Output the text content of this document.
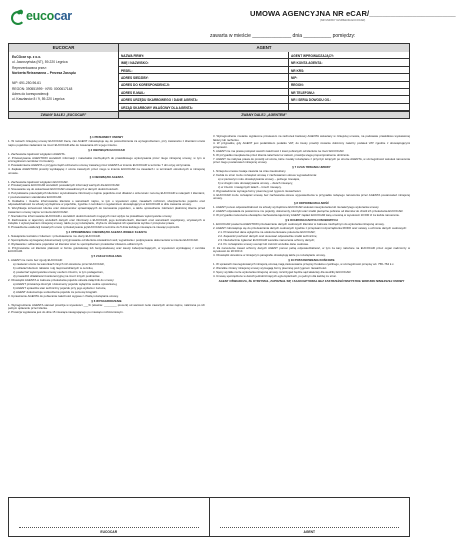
eucocar	UMOWA AGENCYJNA NR eCAR/____________________
(NR UMOWY UZUPEŁNIA EUCOCAR)
zawarta w mieście ______________ dnia __________ pomiędzy:
EUCOCAR	AGENT
EuCOcar sp. z o.o.
ul. Jaworzyńska (NT), 59-220 Legnica
Reprezentowana przez:
Norberta Reissmanna – Prezesa Zarządu

NIP: 691-250-96-61
REGON: 390551999 · KRS: 0000617148
Adres do korespondencji:
ul. Kasztanów 8 / 9, 59-220 Legnica
NAZWA FIRMY:	AGENT WPROWADZAJĄCY:
IMIĘ I NAZWISKO:	NR KONTA AGENTA:
PESEL:	NR KRS:
ADRES SIEDZIBY:	NIP:
ADRES DO KORESPONDENCJI:	REGON:
ADRES E-MAIL:	NR TELEFONU:
ADRES URZĘDU SKARBOWEGO / DANE AGENTA:	NR I SERIA DOWODU OS.:
URZĄD SKARBOWY WŁAŚCIWY DLA AGENTA:
ZWANY DALEJ „EUCOCAR"	ZWANY DALEJ „AGENTEM"
§ 1 PRZEDMIOT UMOWY
1. W ramach niniejszej umowy EUCOCAR zleca, zaś AGENT zobowiązuje się do pośredniczenia za wynagrodzeniem, przy zawieraniu z klientami umów najmu pojazdów zadaniami na rzecz EUCOCAR albo do zawierania ich w jego imieniu.
§ 2 OBOWIĄZKI EUCOCAR
1. Zachowanie lojalności względem AGENTA.
2. Przekazywanie AGENTOWI wszelkich informacji i materiałów niezbędnych do prawidłowego wykonywania przez niego niniejszej umowy, w tym w szczególności cenników i formularzy.
3. Powiadomienie AGENTA o przyjęciu bądź odrzuceniu umowy zawartej przez AGENTA w imieniu EUCOCAR w terminie 7 dni od jej otrzymania.
4. Zapłata AGENTOWI prowizji wynikającej z umów zawartych przez niego w imieniu EUCOCAR na zasadach i w terminach określonych w niniejszej umowie.
§ 3 OBOWIĄZKI AGENTA
1. Zachowanie lojalności względem EUCOCAR.
2. Przekazywanie EUCOCAR wszelkich posiadanych informacji ważnych dla EUCOCAR.
3. Stosowanie się do wskazówek EUCOCAR uzasadnionych w danych okolicznościach.
4. Pozyskiwanie potencjalnych klientów i wyszukiwanie informacji o najmie pojazdów oraz dbałość o wizerunek i renomę EUCOCAR w relacjach z klientami, z poszanowaniem standardów EUCOCAR.
5. Dokładne i rzetelne informowanie klientów o warunkach najmu, w tym o wysokości opłat, zasadach rozliczeń, ubezpieczeniu pojazdu oraz odpowiedzialności za szkody wyrządzone w pojeździe, zgodnie z cennikiem i regulaminem obowiązującym w EUCOCAR w dniu zawarcia umowy.
6. Weryfikacja tożsamości klienta oraz dokumentów uprawniających do kierowania pojazdem, a także sprawdzenie zdolności płatniczej klienta przed zawarciem umowy najmu w imieniu EUCOCAR.
7. Niezwłoczne informowanie EUCOCAR o wszelkich okolicznościach mogących mieć wpływ na prawidłowe wykonywanie umowy.
8. Zachowanie w tajemnicy wszelkich danych oraz informacji o EUCOCAR, jego kontrahentach, klientach oraz warunkach współpracy, uzyskanych w związku z wykonywaniem niniejszej umowy, także po jej rozwiązaniu, chyba że obowiązek ich ujawnienia wynika z przepisów prawa.
9. Prowadzenie ewidencji zawartych umów i przekazywanie jej EUCOCAR w terminie do 5 dnia każdego miesiąca za miesiąc poprzedni.
§ 4 UPRAWNIENIA I OBOWIĄZKI AGENTA WOBEC KLIENTA
1. Nawiązanie kontaktu z klientem i przedstawienie mu oferty EUCOCAR.
2. Sporządzanie wymaganej dokumentacji i przyjmowanie od klientów oświadczeń woli, wypełnianie i podpisywanie dokumentów w imieniu EUCOCAR.
3. Wydawanie i odbieranie pojazdów od klientów wraz ze sporządzeniem protokołów zdawczo-odbiorczych.
4. Przyjmowanie od klientów płatności w formie gotówkowej lub bezgotówkowej oraz kaucji zabezpieczających, w wysokości wynikającej z cennika EUCOCAR.
§ 5 ZAKAZ DZIAŁANIA
1. AGENT nie może bez zgody EUCOCAR:
a) zawierać umów na warunkach innych niż określone przez EUCOCAR,
b) udzielać klientom rabatów i ulg nieprzewidzianych w cenniku,
c) powierzać wykonywania umowy osobom trzecim, w tym podagentom,
d) prowadzić działalności konkurencyjnej na rzecz innych podmiotów.
2. Obowiązki AGENTA w zakresie przekazania pojazdu określa załącznik do umowy:
a) AGENT przekazuje kluczyki i dokumenty pojazdu wyłącznie osobie uprawnionej,
b) AGENT sprawdza stan techniczny pojazdu przy jego wydaniu i zwrocie,
c) AGENT dokumentuje uszkodzenia pojazdu za pomocą fotografii.
3. Uprawnienie AGENTA do pobierania należności wygasa z chwilą rozwiązania umowy.
§ 6 WYNAGRODZENIE
1. Wynagrodzenie AGENTA stanowi prowizja w wysokości ___% (słownie: ________ procent) od wartości netto zawartych umów najmu, naliczana po ich pełnym opłaceniu przez klienta.
2. Prowizja wypłacana jest do dnia 15 miesiąca następującego po miesiącu rozliczeniowym.
3. Wynagrodzenie zostanie wypłacone przelewem na rachunek bankowy AGENTA wskazany w niniejszej umowie, na podstawie prawidłowo wystawionej faktury lub rachunku.
4. W przypadku, gdy AGENT jest podatnikiem podatku VAT, do kwoty prowizji zostanie doliczony należny podatek VAT zgodnie z obowiązującymi przepisami.
5. AGENT nie ma prawa potrącać swoich należności z kwot pobranych od klientów na rzecz EUCOCAR.
6. W przypadku nieopłacenia przez klienta należności w całości, prowizja ulega proporcjonalnemu obniżeniu.
7. AGENT nie nabywa prawa do prowizji od umów, które zostały rozwiązane z przyczyn leżących po stronie AGENTA, w szczególności wskutek naruszenia przez niego postanowień niniejszej umowy.
§ 7 CZAS TRWANIA UMOWY
1. Niniejsza umowa zostaje zawarta na czas nieokreślony.
2. Każda ze stron może rozwiązać umowę z zachowaniem okresu wypowiedzenia:
a) w pierwszym roku obowiązywania umowy – jednego miesiąca,
b) w drugim roku obowiązywania umowy – dwóch miesięcy,
c) w trzecim i następnych latach – trzech miesięcy.
3. Wypowiedzenie wymaga formy pisemnej pod rygorem nieważności.
4. EUCOCAR może rozwiązać umowę bez zachowania okresu wypowiedzenia w przypadku rażącego naruszenia przez AGENTA postanowień niniejszej umowy.
§ 8 ODPOWIEDZIALNOŚĆ
1. AGENT ponosi odpowiedzialność za szkody wyrządzone EUCOCAR wskutek niewykonania lub nienależytego wykonania umowy.
2. AGENT odpowiada za powierzone mu pojazdy, dokumenty, kluczyki oraz środki pieniężne pobrane od klientów do chwili ich przekazania EUCOCAR.
3. W przypadku naruszenia obowiązku zachowania tajemnicy AGENT zapłaci EUCOCAR karę umowną w wysokości 10 000 zł za każde naruszenie.
§ 9 OCHRONA DANYCH OSOBOWYCH
1. EUCOCAR powierza AGENTOWI przetwarzanie danych osobowych klientów w zakresie niezbędnym do wykonania niniejszej umowy.
2. AGENT zobowiązuje się do przetwarzania danych osobowych zgodnie z przepisami rozporządzenia RODO oraz ustawy o ochronie danych osobowych:
2.1. Przetwarzać dane wyłącznie na udokumentowane polecenie EUCOCAR;
2.2. Zapewnić poufność danych oraz stosować odpowiednie środki techniczne;
2.3. Niezwłocznie zgłaszać EUCOCAR wszelkie naruszenia ochrony danych;
2.4. Po rozwiązaniu umowy usunąć lub zwrócić wszelkie dane osobowe.
3. Za naruszenie zasad ochrony danych AGENT ponosi pełną odpowiedzialność, w tym za kary nałożone na EUCOCAR przez organ nadzorczy w wysokości do 20 000 zł.
4. Obowiązki określone w niniejszym paragrafie obowiązują także po rozwiązaniu umowy.
§ 10 POSTANOWIENIA KOŃCOWE
1. W sprawach nieuregulowanych niniejszą umową mają zastosowanie przepisy Kodeksu cywilnego, w szczególności przepisy art. 758–764 k.c.
2. Wszelkie zmiany niniejszej umowy wymagają formy pisemnej pod rygorem nieważności.
3. Spory wynikłe na tle wykonania niniejszej umowy rozstrzygać będzie sąd właściwy dla siedziby EUCOCAR.
4. Umowę sporządzono w dwóch jednobrzmiących egzemplarzach, po jednym dla każdej ze stron.
AGENT OŚWIADCZA, ŻE OTRZYMAŁ, ZAPOZNAŁ SIĘ I ZAAKCEPTOWAŁ BEZ ZASTRZEŻEŃ WSZYSTKIE WARUNKI NINIEJSZEJ UMOWY
EUCOCAR	AGENT
